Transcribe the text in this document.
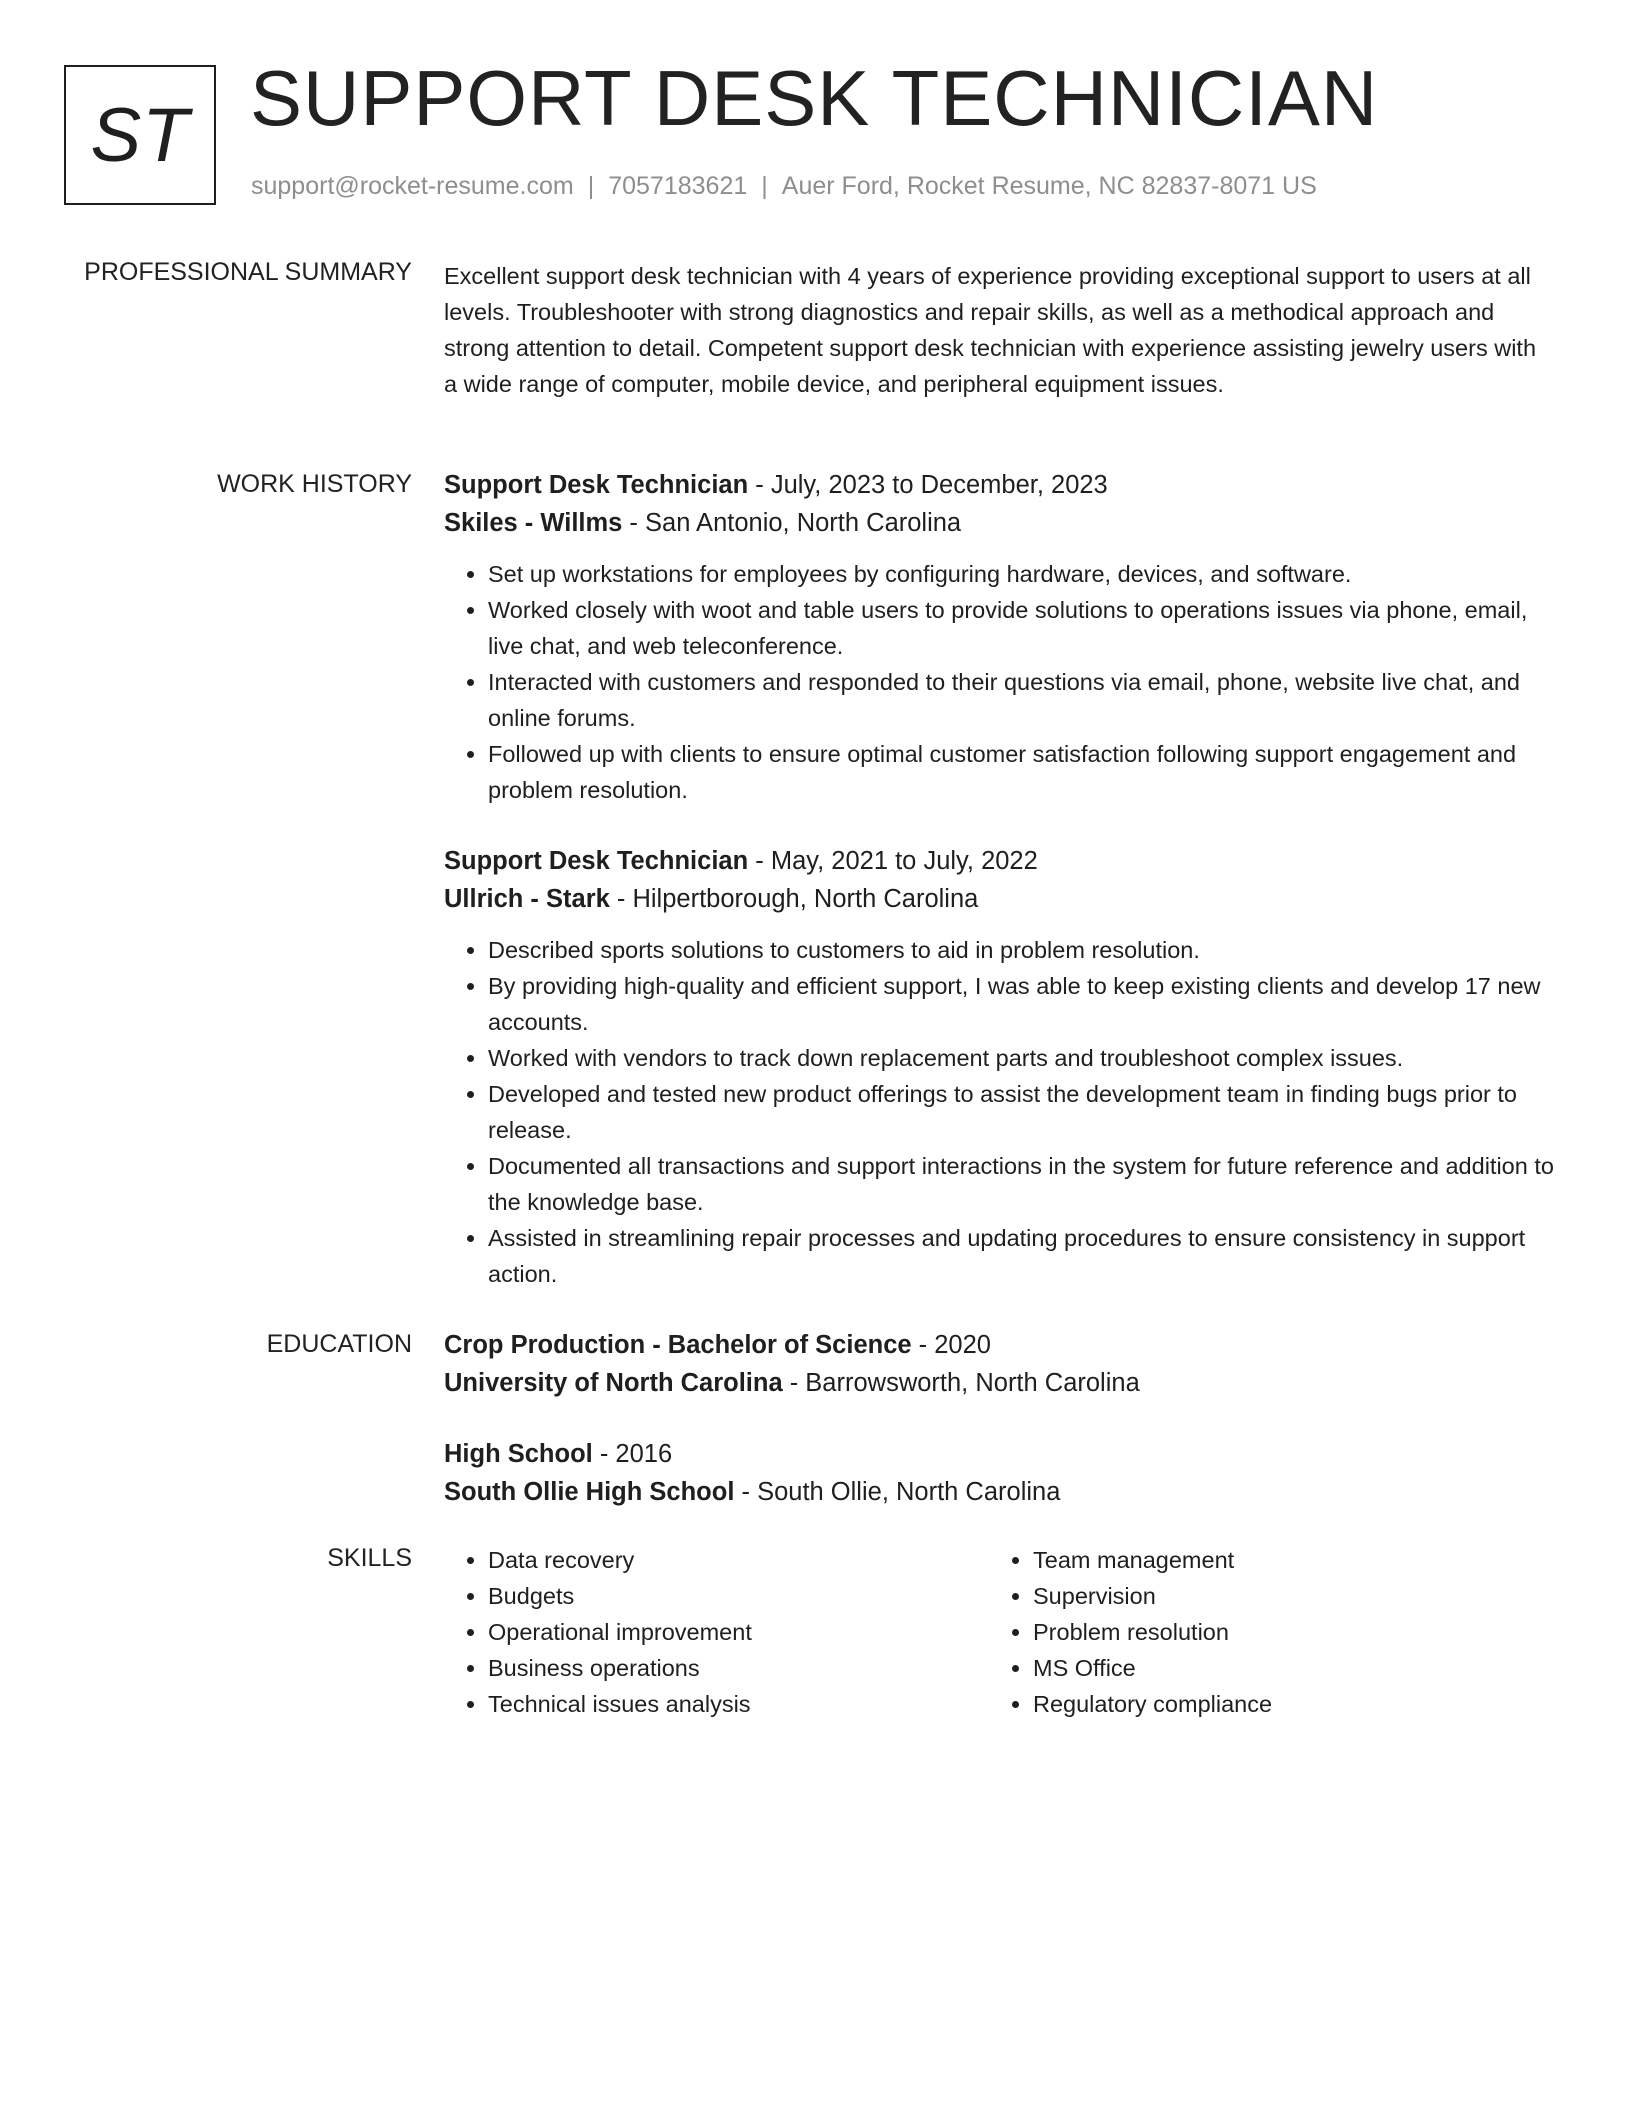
ST SUPPORT DESK TECHNICIAN
support@rocket-resume.com | 7057183621 | Auer Ford, Rocket Resume, NC 82837-8071 US
PROFESSIONAL SUMMARY Excellent support desk technician with 4 years of experience providing exceptional support to users at all levels. Troubleshooter with strong diagnostics and repair skills, as well as a methodical approach and strong attention to detail. Competent support desk technician with experience assisting jewelry users with a wide range of computer, mobile device, and peripheral equipment issues.
WORK HISTORY Support Desk Technician - July, 2023 to December, 2023
Skiles - Willms - San Antonio, North Carolina
• Set up workstations for employees by configuring hardware, devices, and software.
• Worked closely with woot and table users to provide solutions to operations issues via phone, email, live chat, and web teleconference.
• Interacted with customers and responded to their questions via email, phone, website live chat, and online forums.
• Followed up with clients to ensure optimal customer satisfaction following support engagement and problem resolution.
Support Desk Technician - May, 2021 to July, 2022
Ullrich - Stark - Hilpertborough, North Carolina
• Described sports solutions to customers to aid in problem resolution.
• By providing high-quality and efficient support, I was able to keep existing clients and develop 17 new accounts.
• Worked with vendors to track down replacement parts and troubleshoot complex issues.
• Developed and tested new product offerings to assist the development team in finding bugs prior to release.
• Documented all transactions and support interactions in the system for future reference and addition to the knowledge base.
• Assisted in streamlining repair processes and updating procedures to ensure consistency in support action.
EDUCATION Crop Production - Bachelor of Science - 2020
University of North Carolina - Barrowsworth, North Carolina
High School - 2016
South Ollie High School - South Ollie, North Carolina
SKILLS
•	Data recovery
• Budgets
• Operational improvement
• Business operations
• Technical issues analysis
• Team management
• Supervision
• Problem resolution
• MS Office
• Regulatory compliance
